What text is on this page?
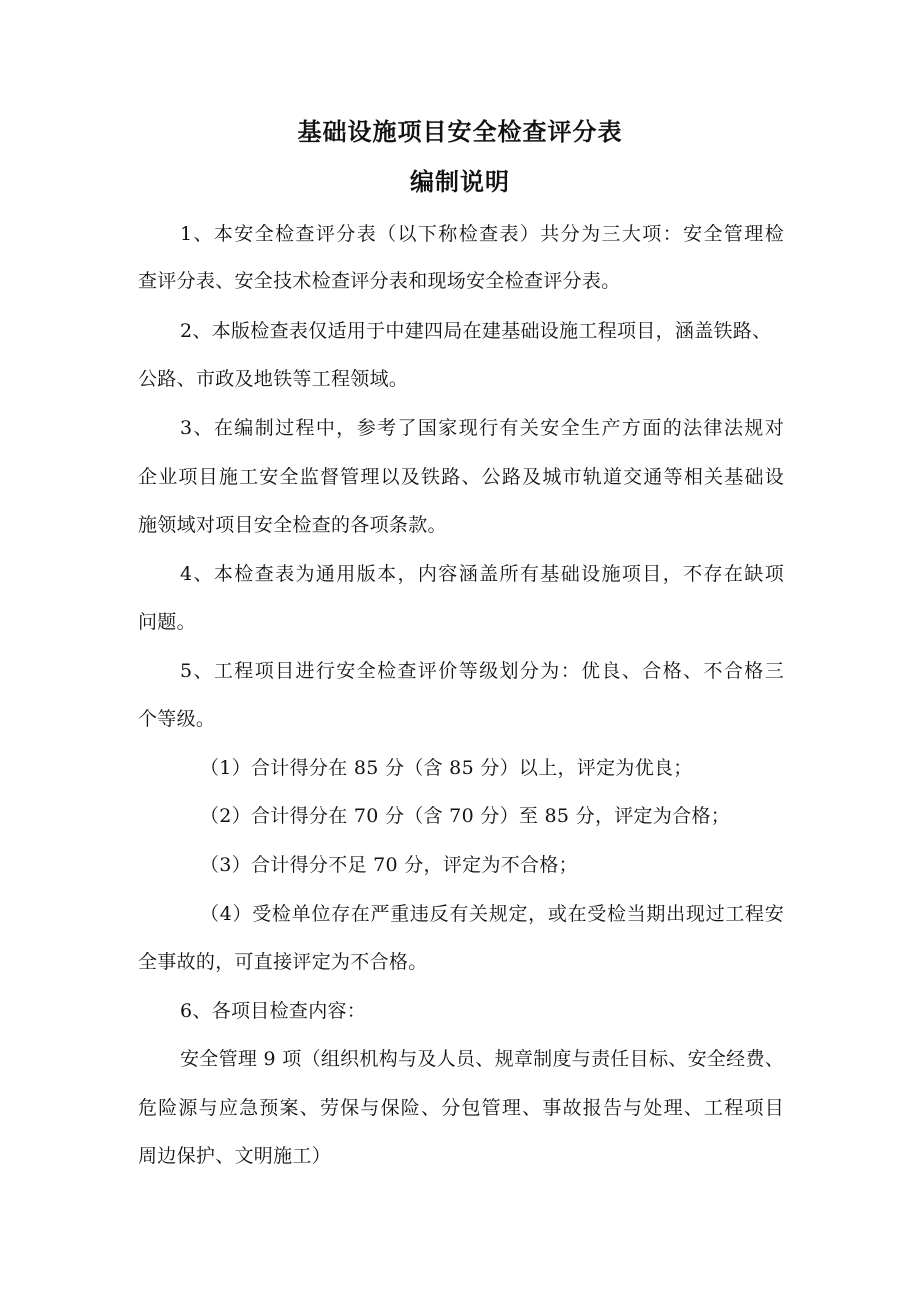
基础设施项目安全检查评分表
编制说明
1、本安全检查评分表（以下称检查表）共分为三大项：安全管理检
查评分表、安全技术检查评分表和现场安全检查评分表。
2、本版检查表仅适用于中建四局在建基础设施工程项目，涵盖铁路、
公路、市政及地铁等工程领域。
3、在编制过程中，参考了国家现行有关安全生产方面的法律法规对
企业项目施工安全监督管理以及铁路、公路及城市轨道交通等相关基础设
施领域对项目安全检查的各项条款。
4、本检查表为通用版本，内容涵盖所有基础设施项目，不存在缺项
问题。
5、工程项目进行安全检查评价等级划分为：优良、合格、不合格三
个等级。
（1）合计得分在 85 分（含 85 分）以上，评定为优良；
（2）合计得分在 70 分（含 70 分）至 85 分，评定为合格；
（3）合计得分不足 70 分，评定为不合格；
（4）受检单位存在严重违反有关规定，或在受检当期出现过工程安
全事故的，可直接评定为不合格。
6、各项目检查内容：
安全管理 9 项（组织机构与及人员、规章制度与责任目标、安全经费、
危险源与应急预案、劳保与保险、分包管理、事故报告与处理、工程项目
周边保护、文明施工）
